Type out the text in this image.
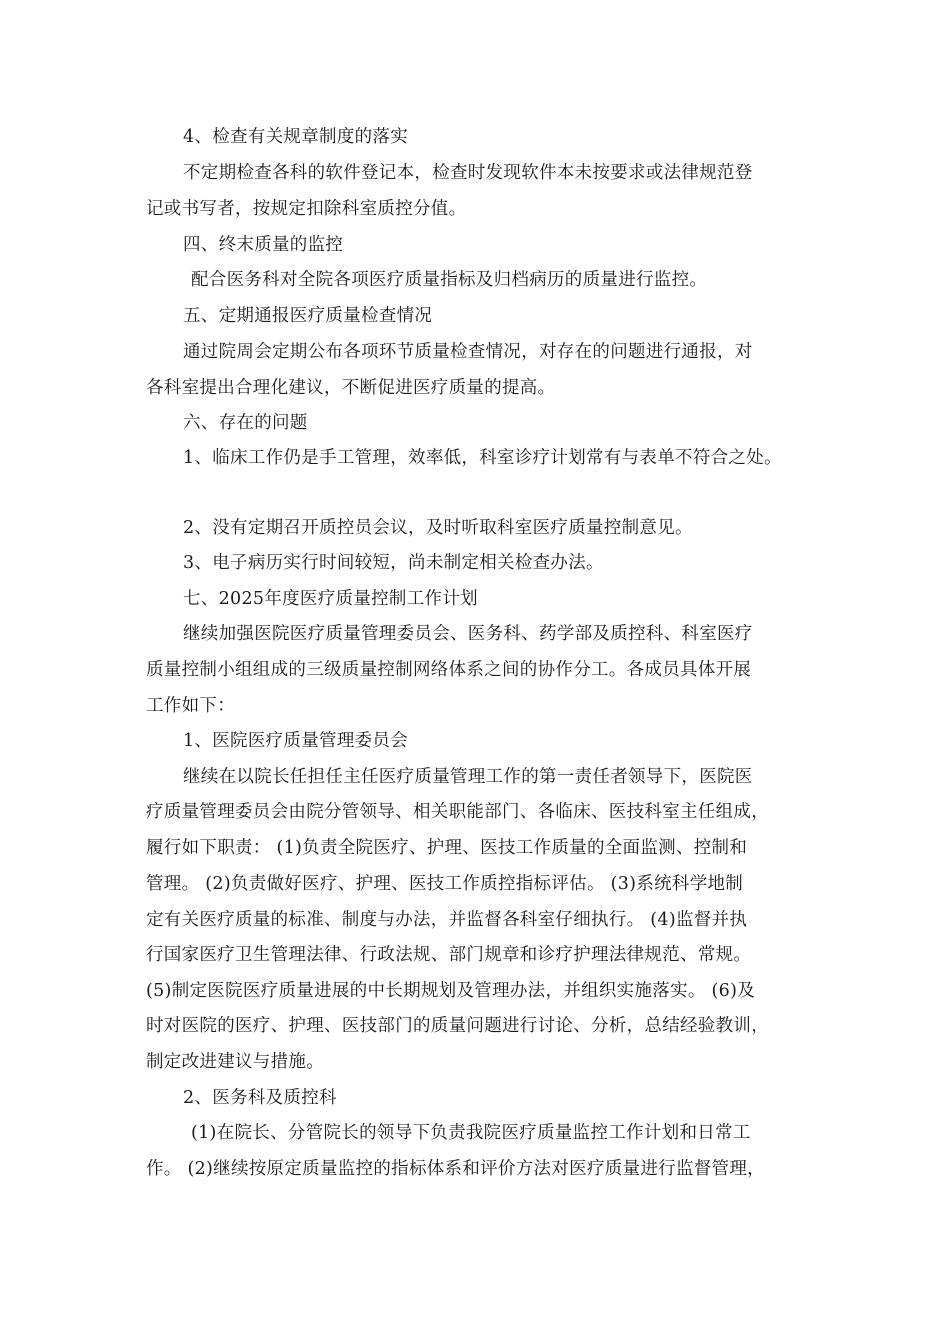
4、检查有关规章制度的落实
不定期检查各科的软件登记本，检查时发现软件本未按要求或法律规范登
记或书写者，按规定扣除科室质控分值。
四、终末质量的监控
配合医务科对全院各项医疗质量指标及归档病历的质量进行监控。
五、定期通报医疗质量检查情况
通过院周会定期公布各项环节质量检查情况，对存在的问题进行通报，对
各科室提出合理化建议，不断促进医疗质量的提高。
六、存在的问题
1、临床工作仍是手工管理，效率低，科室诊疗计划常有与表单不符合之处。
2、没有定期召开质控员会议，及时听取科室医疗质量控制意见。
3、电子病历实行时间较短，尚未制定相关检查办法。
七、2025年度医疗质量控制工作计划
继续加强医院医疗质量管理委员会、医务科、药学部及质控科、科室医疗
质量控制小组组成的三级质量控制网络体系之间的协作分工。各成员具体开展
工作如下：
1、医院医疗质量管理委员会
继续在以院长任担任主任医疗质量管理工作的第一责任者领导下，医院医
疗质量管理委员会由院分管领导、相关职能部门、各临床、医技科室主任组成，
履行如下职责： (1)负责全院医疗、护理、医技工作质量的全面监测、控制和
管理。 (2)负责做好医疗、护理、医技工作质控指标评估。 (3)系统科学地制
定有关医疗质量的标准、制度与办法，并监督各科室仔细执行。 (4)监督并执
行国家医疗卫生管理法律、行政法规、部门规章和诊疗护理法律规范、常规。
(5)制定医院医疗质量进展的中长期规划及管理办法，并组织实施落实。 (6)及
时对医院的医疗、护理、医技部门的质量问题进行讨论、分析，总结经验教训，
制定改进建议与措施。
2、医务科及质控科
(1)在院长、分管院长的领导下负责我院医疗质量监控工作计划和日常工
作。 (2)继续按原定质量监控的指标体系和评价方法对医疗质量进行监督管理，
